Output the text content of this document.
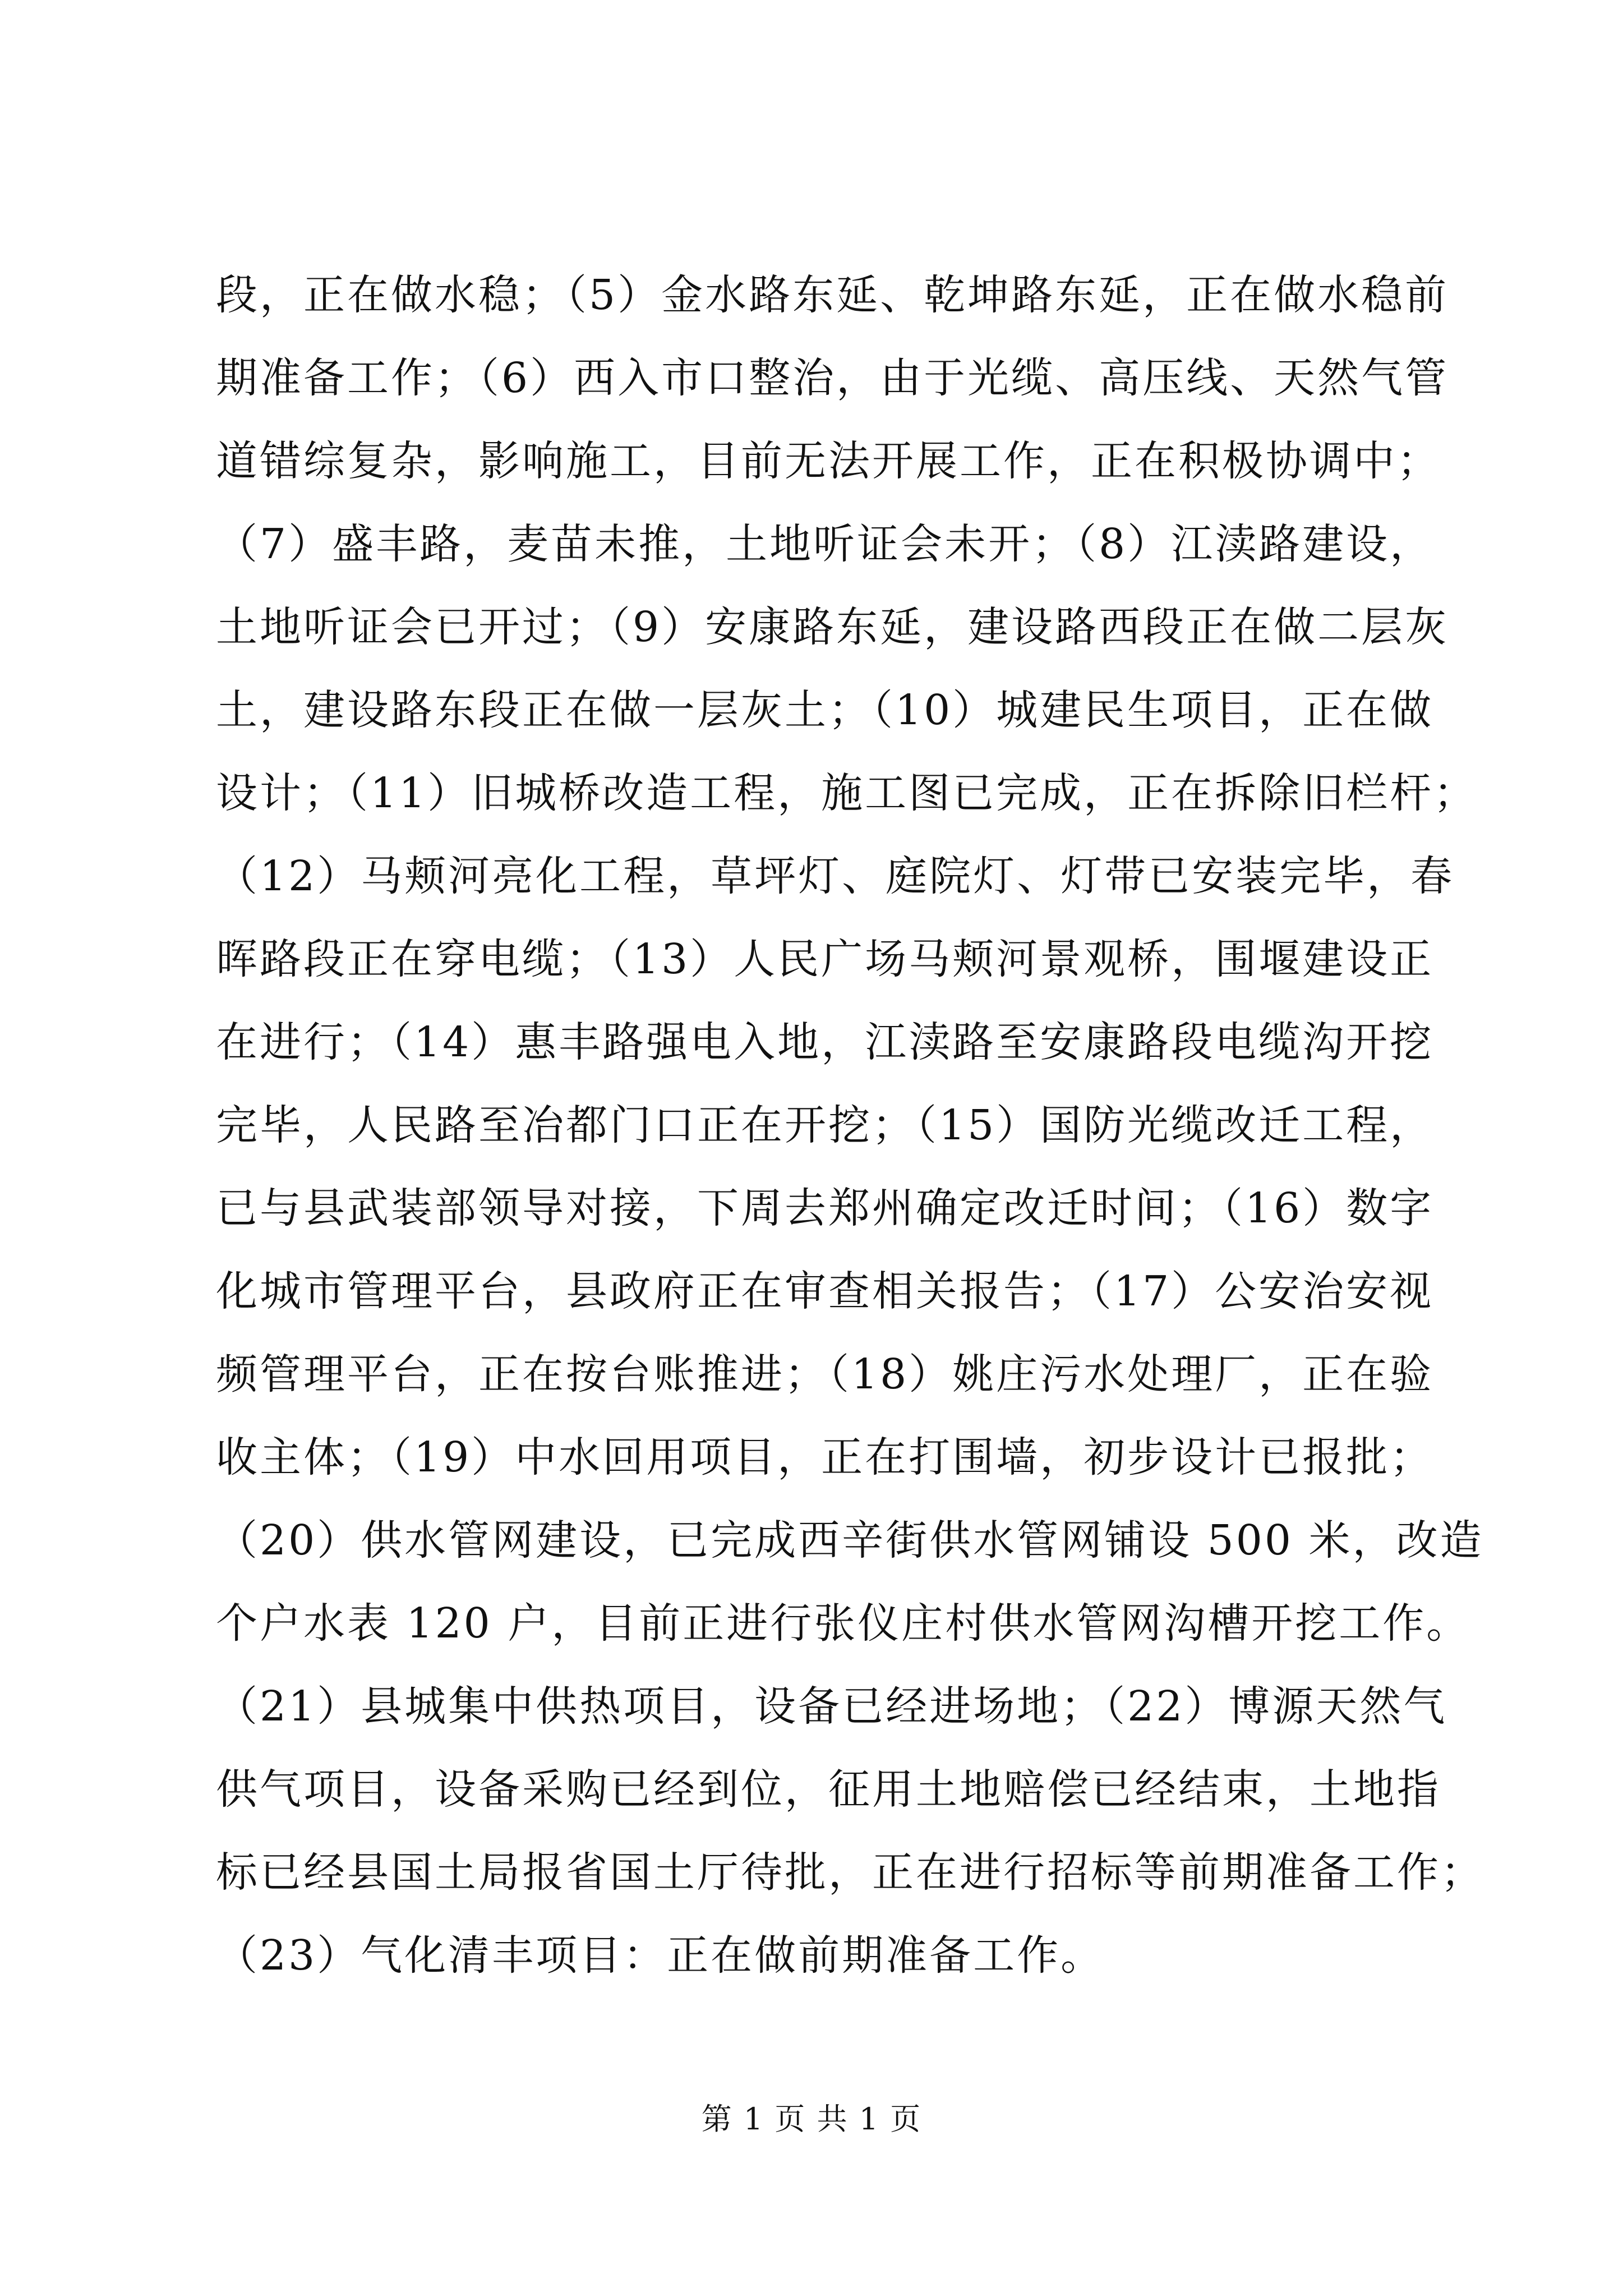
段，正在做水稳；（5）金水路东延、乾坤路东延，正在做水稳前
期准备工作；（6）西入市口整治，由于光缆、高压线、天然气管
道错综复杂，影响施工，目前无法开展工作，正在积极协调中；
（7）盛丰路，麦苗未推，土地听证会未开；（8）江渎路建设，
土地听证会已开过；（9）安康路东延，建设路西段正在做二层灰
土，建设路东段正在做一层灰土；（10）城建民生项目，正在做
设计；（11）旧城桥改造工程，施工图已完成，正在拆除旧栏杆；
（12）马颊河亮化工程，草坪灯、庭院灯、灯带已安装完毕，春
晖路段正在穿电缆；（13）人民广场马颊河景观桥，围堰建设正
在进行；（14）惠丰路强电入地，江渎路至安康路段电缆沟开挖
完毕，人民路至冶都门口正在开挖；（15）国防光缆改迁工程，
已与县武装部领导对接，下周去郑州确定改迁时间；（16）数字
化城市管理平台，县政府正在审查相关报告；（17）公安治安视
频管理平台，正在按台账推进；（18）姚庄污水处理厂，正在验
收主体；（19）中水回用项目，正在打围墙，初步设计已报批；
（20）供水管网建设，已完成西辛街供水管网铺设 500 米，改造
个户水表 120 户，目前正进行张仪庄村供水管网沟槽开挖工作。
（21）县城集中供热项目，设备已经进场地；（22）博源天然气
供气项目，设备采购已经到位，征用土地赔偿已经结束，土地指
标已经县国土局报省国土厅待批，正在进行招标等前期准备工作；
（23）气化清丰项目：正在做前期准备工作。
第 1 页 共 1 页
